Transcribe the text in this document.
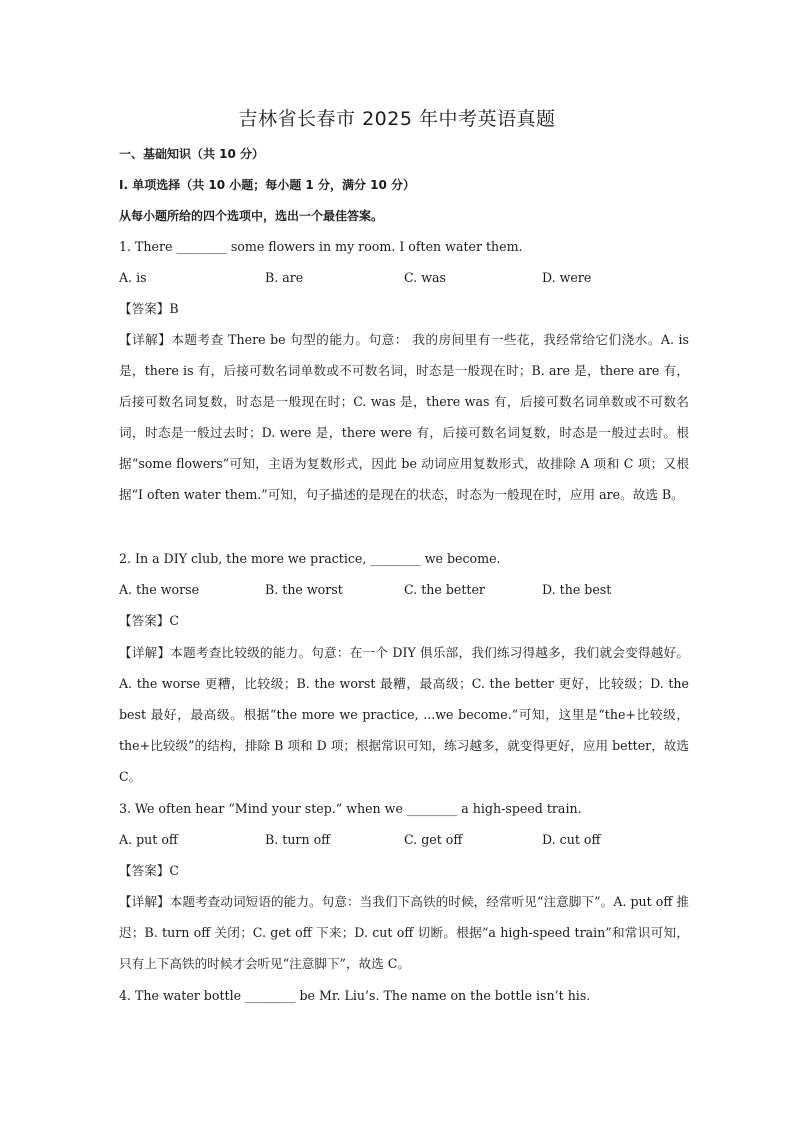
吉林省长春市 2025 年中考英语真题
一、基础知识（共 10 分）
Ⅰ. 单项选择（共 10 小题；每小题 1 分，满分 10 分）
从每小题所给的四个选项中，选出一个最佳答案。
1. There ________ some flowers in my room. I often water them.
A. is	B. are	C. was	D. were
【答案】B
【详解】本题考查 There be 句型的能力。句意： 我的房间里有一些花，我经常给它们浇水。A. is 是，there is 有，后接可数名词单数或不可数名词，时态是一般现在时；B. are 是，there are 有，后接可数名词复数，时态是一般现在时；C. was 是，there was 有，后接可数名词单数或不可数名词，时态是一般过去时；D. were 是，there were 有，后接可数名词复数，时态是一般过去时。根据“some flowers”可知，主语为复数形式，因此 be 动词应用复数形式，故排除 A 项和 C 项；又根据“I often water them.”可知，句子描述的是现在的状态，时态为一般现在时，应用 are。故选 B。
2. In a DIY club, the more we practice, ________ we become.
A. the worse	B. the worst	C. the better	D. the best
【答案】C
【详解】本题考查比较级的能力。句意：在一个 DIY 俱乐部，我们练习得越多，我们就会变得越好。A. the worse 更糟，比较级；B. the worst 最糟，最高级；C. the better 更好，比较级；D. the best 最好，最高级。根据“the more we practice, ...we become.”可知，这里是“the+比较级，the+比较级”的结构，排除 B 项和 D 项；根据常识可知，练习越多，就变得更好，应用 better，故选 C。
3. We often hear “Mind your step.” when we ________ a high-speed train.
A. put off	B. turn off	C. get off	D. cut off
【答案】C
【详解】本题考查动词短语的能力。句意：当我们下高铁的时候，经常听见“注意脚下”。A. put off 推迟；B. turn off 关闭；C. get off 下来；D. cut off 切断。根据“a high-speed train”和常识可知，只有上下高铁的时候才会听见“注意脚下”，故选 C。
4. The water bottle ________ be Mr. Liu’s. The name on the bottle isn’t his.
